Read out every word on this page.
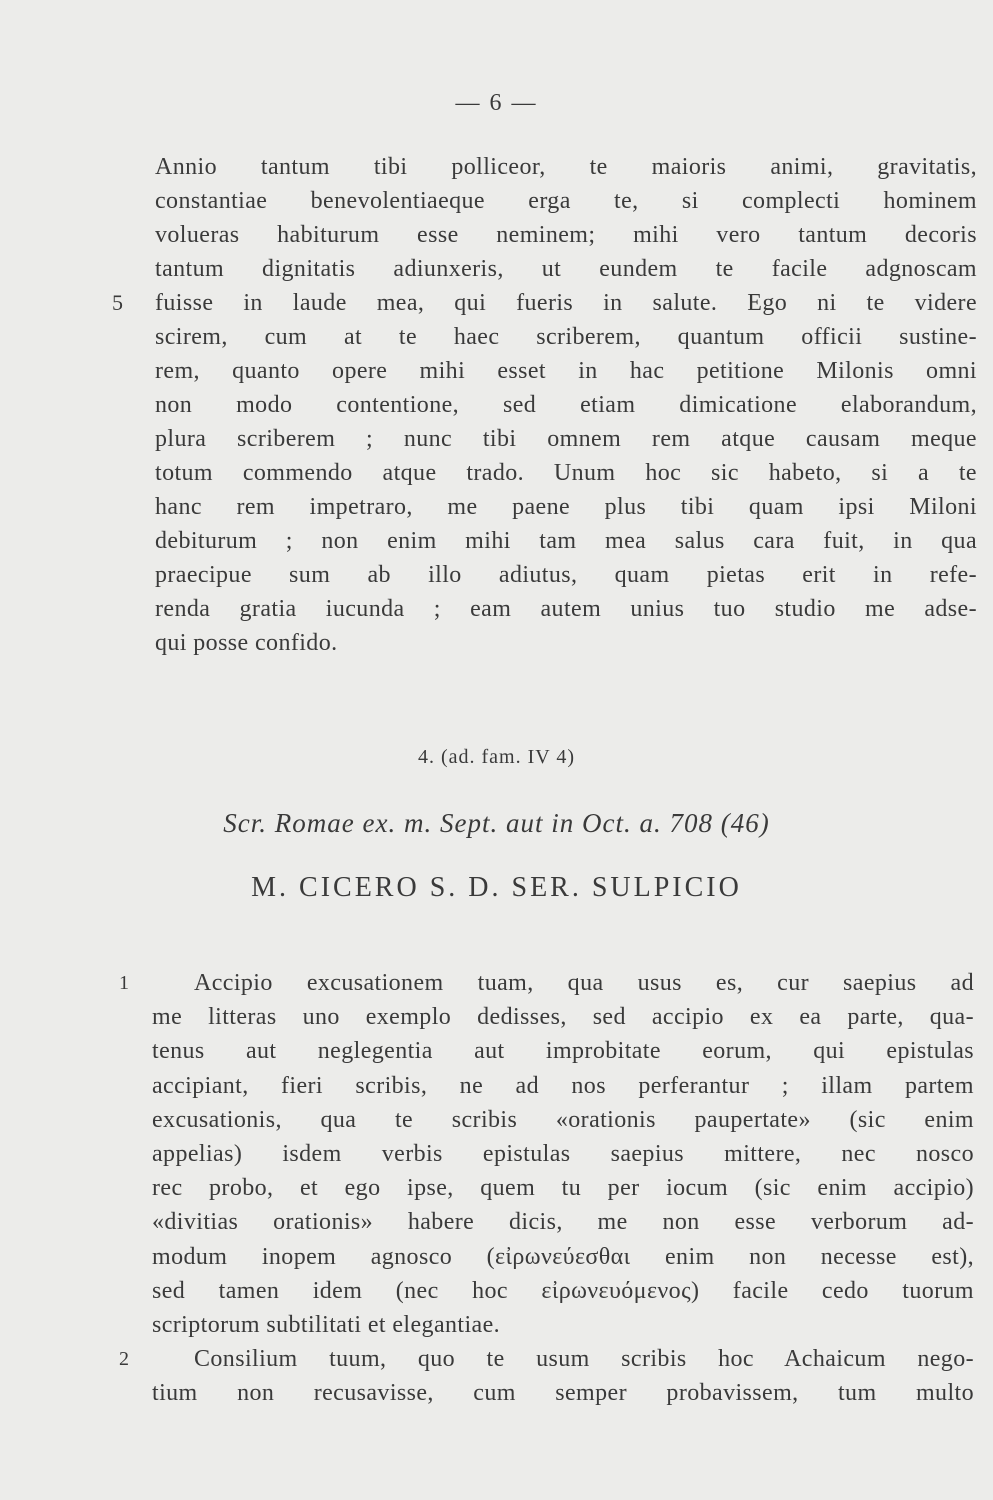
— 6 —
Annio tantum tibi polliceor, te maioris animi, gravitatis,
constantiae benevolentiaeque erga te, si complecti hominem
volueras habiturum esse neminem; mihi vero tantum decoris
tantum dignitatis adiunxeris, ut eundem te facile adgnoscam
5 fuisse in laude mea, qui fueris in salute. Ego ni te videre
scirem, cum at te haec scriberem, quantum officii sustine-
rem, quanto opere mihi esset in hac petitione Milonis omni
non modo contentione, sed etiam dimicatione elaborandum,
plura scriberem ; nunc tibi omnem rem atque causam meque
totum commendo atque trado. Unum hoc sic habeto, si a te
hanc rem impetraro, me paene plus tibi quam ipsi Miloni
debiturum ; non enim mihi tam mea salus cara fuit, in qua
praecipue sum ab illo adiutus, quam pietas erit in refe-
renda gratia iucunda ; eam autem unius tuo studio me adse-
qui posse confido.
4. (ad. fam. IV 4)
Scr. Romae ex. m. Sept. aut in Oct. a. 708 (46)
M. CICERO S. D. SER. SULPICIO
1	Accipio excusationem tuam, qua usus es, cur saepius ad
me litteras uno exemplo dedisses, sed accipio ex ea parte, qua-
tenus aut neglegentia aut improbitate eorum, qui epistulas
accipiant, fieri scribis, ne ad nos perferantur ; illam partem
excusationis, qua te scribis «orationis paupertate» (sic enim
appelias) isdem verbis epistulas saepius mittere, nec nosco
rec probo, et ego ipse, quem tu per iocum (sic enim accipio)
«divitias orationis» habere dicis, me non esse verborum ad-
modum inopem agnosco (εἰρωνεύεσθαι enim non necesse est),
sed tamen idem (nec hoc εἰρωνευόμενος) facile cedo tuorum
scriptorum subtilitati et elegantiae.
2	Consilium tuum, quo te usum scribis hoc Achaicum nego-
tium non recusavisse, cum semper probavissem, tum multo
